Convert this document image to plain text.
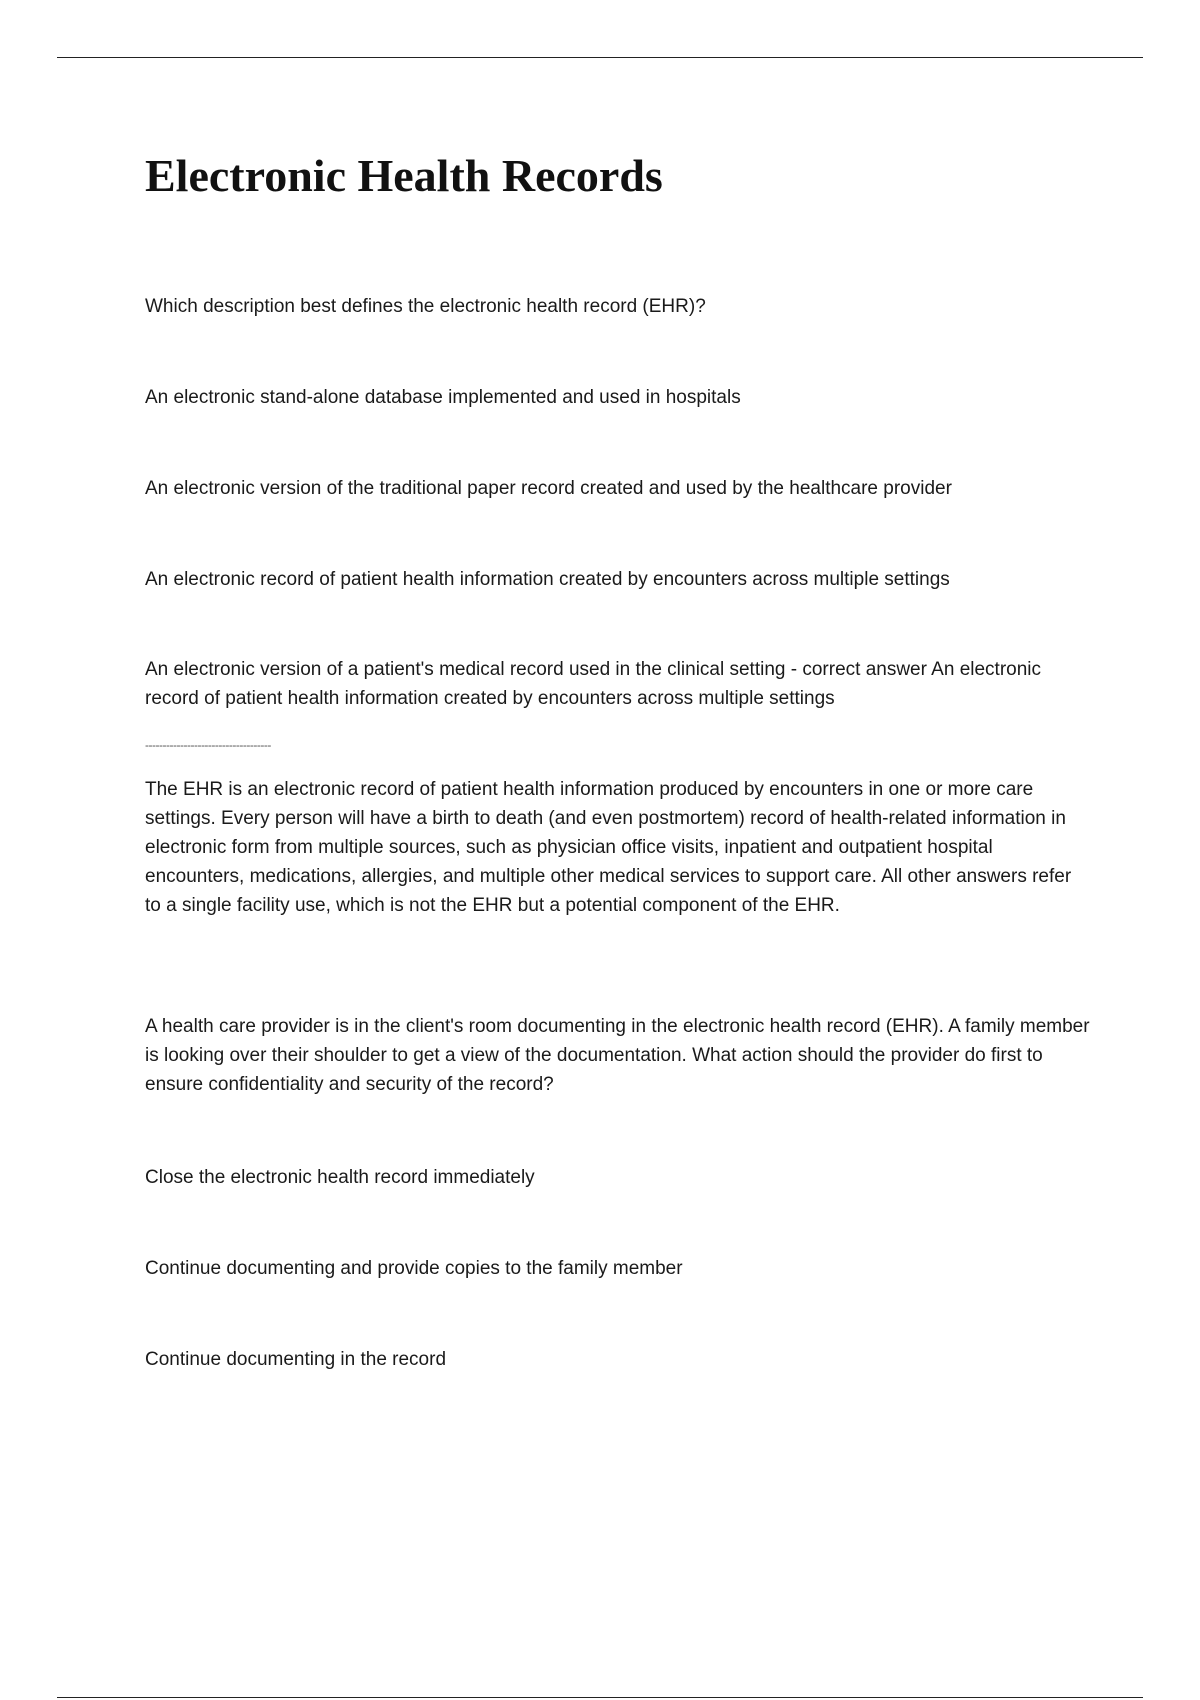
Electronic Health Records

Which description best defines the electronic health record (EHR)?

An electronic stand-alone database implemented and used in hospitals

An electronic version of the traditional paper record created and used by the healthcare provider

An electronic record of patient health information created by encounters across multiple settings

An electronic version of a patient's medical record used in the clinical setting - correct answer An electronic record of patient health information created by encounters across multiple settings

------------------------------------

The EHR is an electronic record of patient health information produced by encounters in one or more care settings. Every person will have a birth to death (and even postmortem) record of health-related information in electronic form from multiple sources, such as physician office visits, inpatient and outpatient hospital encounters, medications, allergies, and multiple other medical services to support care. All other answers refer to a single facility use, which is not the EHR but a potential component of the EHR.

A health care provider is in the client's room documenting in the electronic health record (EHR). A family member is looking over their shoulder to get a view of the documentation. What action should the provider do first to ensure confidentiality and security of the record?

Close the electronic health record immediately

Continue documenting and provide copies to the family member

Continue documenting in the record
